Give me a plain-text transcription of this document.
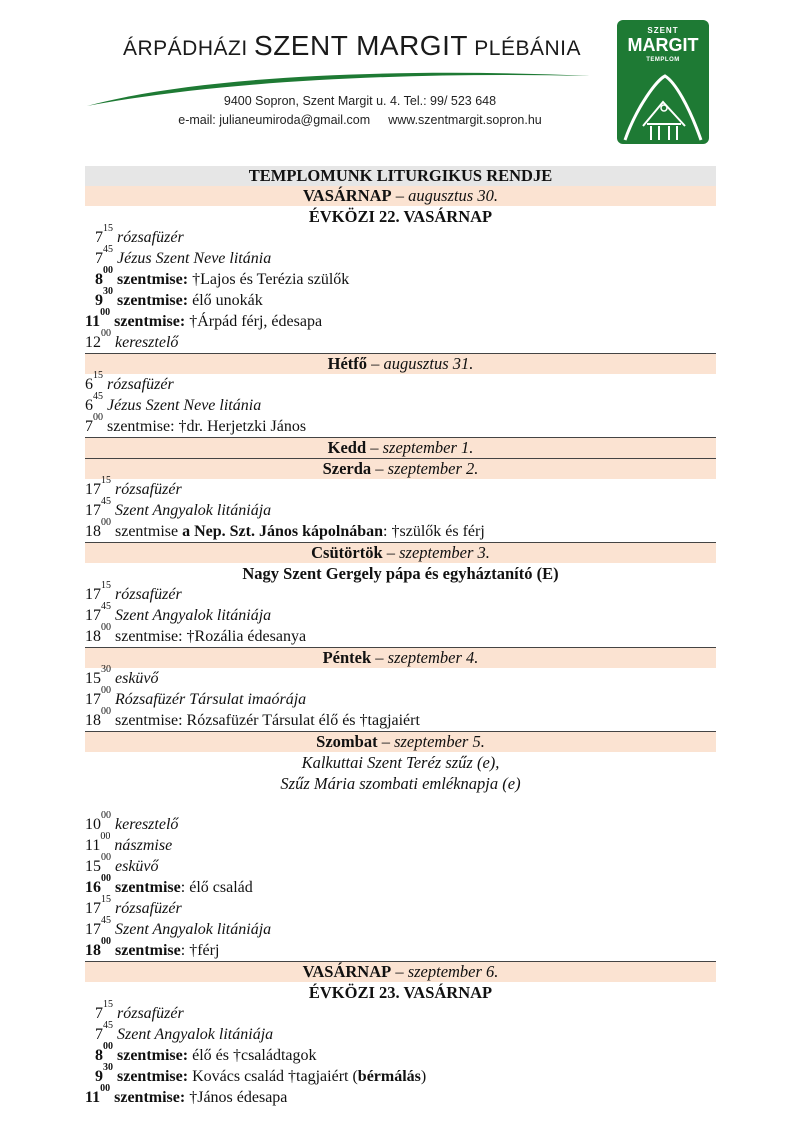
ÁRPÁDHÁZI SZENT MARGIT PLÉBÁNIA
9400 Sopron, Szent Margit u. 4. Tel.: 99/ 523 648
e-mail: julianeumiroda@gmail.com www.szentmargit.sopron.hu
SZENT
MARGIT
TEMPLOM
TEMPLOMUNK LITURGIKUS RENDJE
VASÁRNAP – augusztus 30.
ÉVKÖZI 22. VASÁRNAP
$7^{15}$ rózsafüzér
$7^{45}$ Jézus Szent Neve litánia
$8^{00}$ szentmise: †Lajos és Terézia szülők
$9^{30}$ szentmise: élő unokák
$11^{00}$ szentmise: †Árpád férj, édesapa
$12^{00}$ keresztelő
Hétfő – augusztus 31.
$6^{15}$ rózsafüzér
$6^{45}$ Jézus Szent Neve litánia
$7^{00}$ szentmise: †dr. Herjetzki János
Kedd – szeptember 1.
Szerda – szeptember 2.
$17^{15}$ rózsafüzér
$17^{45}$ Szent Angyalok litániája
$18^{00}$ szentmise a Nep. Szt. János kápolnában: †szülők és férj
Csütörtök – szeptember 3.
Nagy Szent Gergely pápa és egyháztanító (E)
$17^{15}$ rózsafüzér
$17^{45}$ Szent Angyalok litániája
$18^{00}$ szentmise: †Rozália édesanya
Péntek – szeptember 4.
$15^{30}$ esküvő
$17^{00}$ Rózsafüzér Társulat imaórája
$18^{00}$ szentmise: Rózsafüzér Társulat élő és †tagjaiért
Szombat – szeptember 5.
Kalkuttai Szent Teréz szűz (e),
Szűz Mária szombati emléknapja (e)
$10^{00}$ keresztelő
$11^{00}$ nászmise
$15^{00}$ esküvő
$16^{00}$ szentmise: élő család
$17^{15}$ rózsafüzér
$17^{45}$ Szent Angyalok litániája
$18^{00}$ szentmise: †férj
VASÁRNAP – szeptember 6.
ÉVKÖZI 23. VASÁRNAP
$7^{15}$ rózsafüzér
$7^{45}$ Szent Angyalok litániája
$8^{00}$ szentmise: élő és †családtagok
$9^{30}$ szentmise: Kovács család †tagjaiért (bérmálás)
$11^{00}$ szentmise: †János édesapa
